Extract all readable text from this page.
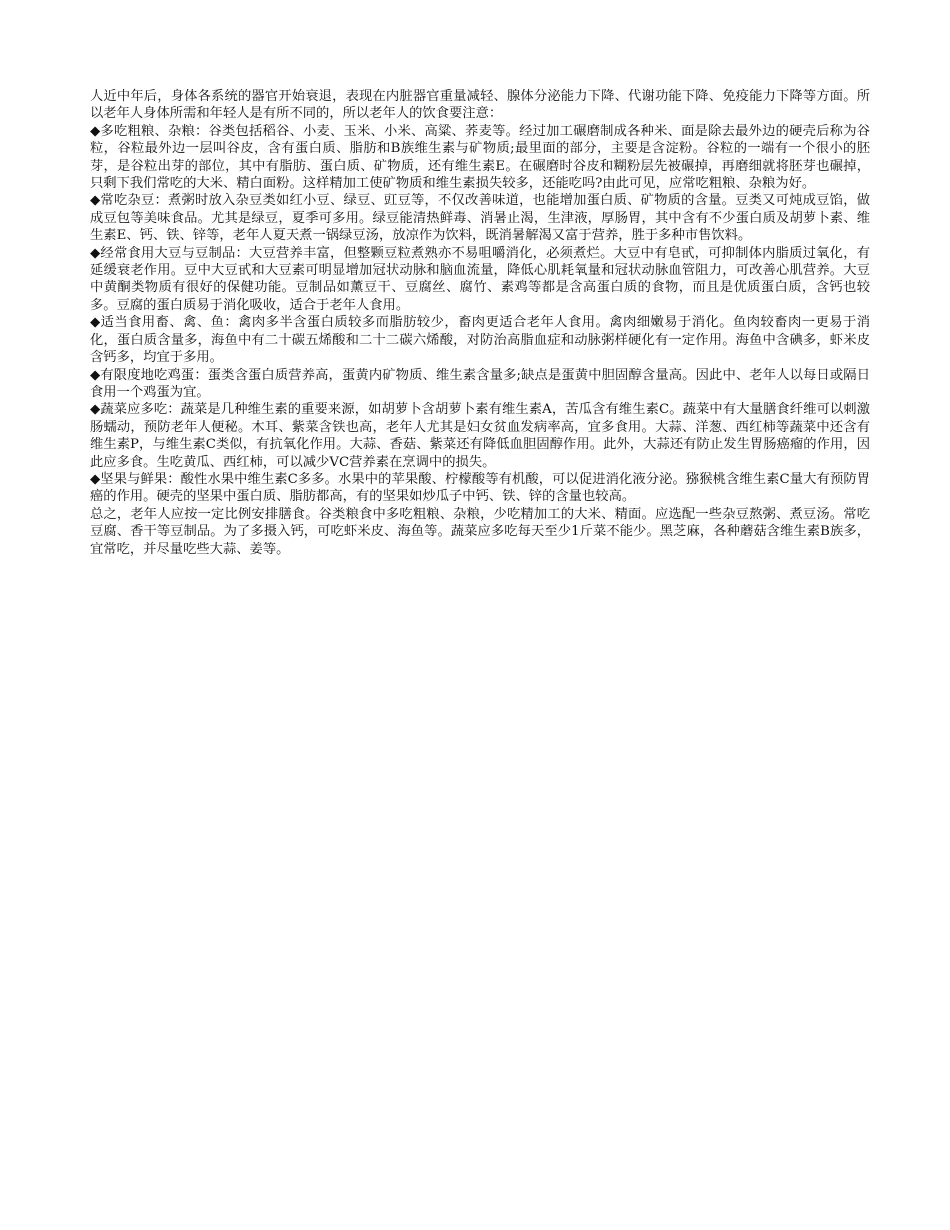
人近中年后，身体各系统的器官开始衰退，表现在内脏器官重量减轻、腺体分泌能力下降、代谢功能下降、免疫能力下降等方面。所以老年人身体所需和年轻人是有所不同的，所以老年人的饮食要注意：

◆多吃粗粮、杂粮：谷类包括稻谷、小麦、玉米、小米、高粱、荞麦等。经过加工碾磨制成各种米、面是除去最外边的硬壳后称为谷粒，谷粒最外边一层叫谷皮，含有蛋白质、脂肪和B族维生素与矿物质;最里面的部分，主要是含淀粉。谷粒的一端有一个很小的胚芽，是谷粒出芽的部位，其中有脂肪、蛋白质、矿物质，还有维生素E。在碾磨时谷皮和糊粉层先被碾掉，再磨细就将胚芽也碾掉，只剩下我们常吃的大米、精白面粉。这样精加工使矿物质和维生素损失较多，还能吃吗?由此可见，应常吃粗粮、杂粮为好。

◆常吃杂豆：煮粥时放入杂豆类如红小豆、绿豆、豇豆等，不仅改善味道，也能增加蛋白质、矿物质的含量。豆类又可炖成豆馅，做成豆包等美味食品。尤其是绿豆，夏季可多用。绿豆能清热鲜毒、消暑止渴，生津液，厚肠胃，其中含有不少蛋白质及胡萝卜素、维生素E、钙、铁、锌等，老年人夏天煮一锅绿豆汤，放凉作为饮料，既消暑解渴又富于营养，胜于多种市售饮料。

◆经常食用大豆与豆制品：大豆营养丰富，但整颗豆粒煮熟亦不易咀嚼消化，必须煮烂。大豆中有皂甙，可抑制体内脂质过氧化，有延缓衰老作用。豆中大豆甙和大豆素可明显增加冠状动脉和脑血流量，降低心肌耗氧量和冠状动脉血管阻力，可改善心肌营养。大豆中黄酮类物质有很好的保健功能。豆制品如薰豆干、豆腐丝、腐竹、素鸡等都是含高蛋白质的食物，而且是优质蛋白质，含钙也较多。豆腐的蛋白质易于消化吸收，适合于老年人食用。

◆适当食用畜、禽、鱼：禽肉多半含蛋白质较多而脂肪较少，畜肉更适合老年人食用。禽肉细嫩易于消化。鱼肉较畜肉一更易于消化，蛋白质含量多，海鱼中有二十碳五烯酸和二十二碳六烯酸，对防治高脂血症和动脉粥样硬化有一定作用。海鱼中含碘多，虾米皮含钙多，均宜于多用。

◆有限度地吃鸡蛋：蛋类含蛋白质营养高，蛋黄内矿物质、维生素含量多;缺点是蛋黄中胆固醇含量高。因此中、老年人以每日或隔日食用一个鸡蛋为宜。

◆蔬菜应多吃：蔬菜是几种维生素的重要来源，如胡萝卜含胡萝卜素有维生素A，苦瓜含有维生素C。蔬菜中有大量膳食纤维可以刺激肠蠕动，预防老年人便秘。木耳、紫菜含铁也高，老年人尤其是妇女贫血发病率高，宜多食用。大蒜、洋葱、西红柿等蔬菜中还含有维生素P，与维生素C类似，有抗氧化作用。大蒜、香菇、紫菜还有降低血胆固醇作用。此外，大蒜还有防止发生胃肠癌瘤的作用，因此应多食。生吃黄瓜、西红柿，可以减少VC营养素在烹调中的损失。

◆坚果与鲜果：酸性水果中维生素C多多。水果中的苹果酸、柠檬酸等有机酸，可以促进消化液分泌。猕猴桃含维生素C量大有预防胃癌的作用。硬壳的坚果中蛋白质、脂肪都高，有的坚果如炒瓜子中钙、铁、锌的含量也较高。

总之，老年人应按一定比例安排膳食。谷类粮食中多吃粗粮、杂粮，少吃精加工的大米、精面。应选配一些杂豆熬粥、煮豆汤。常吃豆腐、香干等豆制品。为了多摄入钙，可吃虾米皮、海鱼等。蔬菜应多吃每天至少1斤菜不能少。黑芝麻，各种蘑菇含维生素B族多，宜常吃，并尽量吃些大蒜、姜等。
